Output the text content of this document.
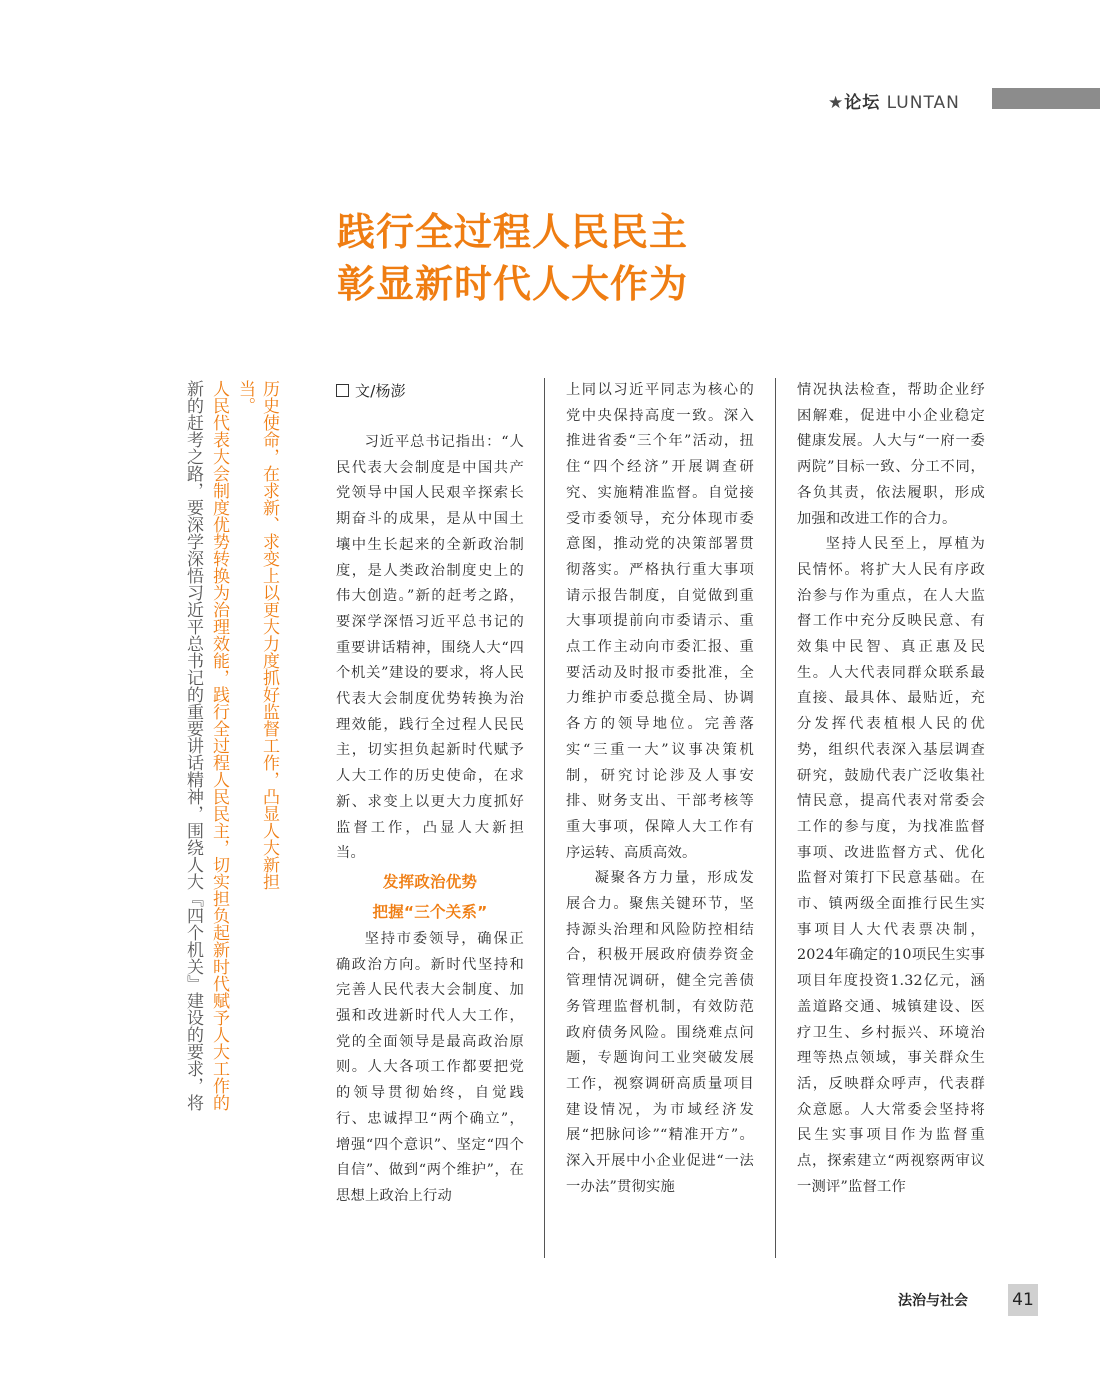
★论坛 LUNTAN
践行全过程人民民主
彰显新时代人大作为

历史使命，在求新、求变上以更大力度抓好监督工作，凸显人大新担当。

人民代表大会制度优势转换为治理效能，践行全过程人民民主，切实担负起新时代赋予人大工作的

新的赶考之路，要深学深悟习近平总书记的重要讲话精神，围绕人大『四个机关』建设的要求，将	文/杨澎

习近平总书记指出：“人民代表大会制度是中国共产党领导中国人民艰辛探索长期奋斗的成果，是从中国土壤中生长起来的全新政治制度，是人类政治制度史上的伟大创造。”新的赶考之路，要深学深悟习近平总书记的重要讲话精神，围绕人大“四个机关”建设的要求，将人民代表大会制度优势转换为治理效能，践行全过程人民民主，切实担负起新时代赋予人大工作的历史使命，在求新、求变上以更大力度抓好监督工作，凸显人大新担当。

发挥政治优势
把握“三个关系”

坚持市委领导，确保正确政治方向。新时代坚持和完善人民代表大会制度、加强和改进新时代人大工作，党的全面领导是最高政治原则。人大各项工作都要把党的领导贯彻始终，自觉践行、忠诚捍卫“两个确立”，增强“四个意识”、坚定“四个自信”、做到“两个维护”，在思想上政治上行动

上同以习近平同志为核心的党中央保持高度一致。深入推进省委“三个年”活动，扭住“四个经济”开展调查研究、实施精准监督。自觉接受市委领导，充分体现市委意图，推动党的决策部署贯彻落实。严格执行重大事项请示报告制度，自觉做到重大事项提前向市委请示、重点工作主动向市委汇报、重要活动及时报市委批准，全力维护市委总揽全局、协调各方的领导地位。完善落实“三重一大”议事决策机制，研究讨论涉及人事安排、财务支出、干部考核等重大事项，保障人大工作有序运转、高质高效。

凝聚各方力量，形成发展合力。聚焦关键环节，坚持源头治理和风险防控相结合，积极开展政府债券资金管理情况调研，健全完善债务管理监督机制，有效防范政府债务风险。围绕难点问题，专题询问工业突破发展工作，视察调研高质量项目建设情况，为市域经济发展“把脉问诊”“精准开方”。深入开展中小企业促进“一法一办法”贯彻实施

情况执法检查，帮助企业纾困解难，促进中小企业稳定健康发展。人大与“一府一委两院”目标一致、分工不同，各负其责，依法履职，形成加强和改进工作的合力。

坚持人民至上，厚植为民情怀。将扩大人民有序政治参与作为重点，在人大监督工作中充分反映民意、有效集中民智、真正惠及民生。人大代表同群众联系最直接、最具体、最贴近，充分发挥代表植根人民的优势，组织代表深入基层调查研究，鼓励代表广泛收集社情民意，提高代表对常委会工作的参与度，为找准监督事项、改进监督方式、优化监督对策打下民意基础。在市、镇两级全面推行民生实事项目人大代表票决制，2024年确定的10项民生实事项目年度投资1.32亿元，涵盖道路交通、城镇建设、医疗卫生、乡村振兴、环境治理等热点领域，事关群众生活，反映群众呼声，代表群众意愿。人大常委会坚持将民生实事项目作为监督重点，探索建立“两视察两审议一测评”监督工作

法治与社会	41
